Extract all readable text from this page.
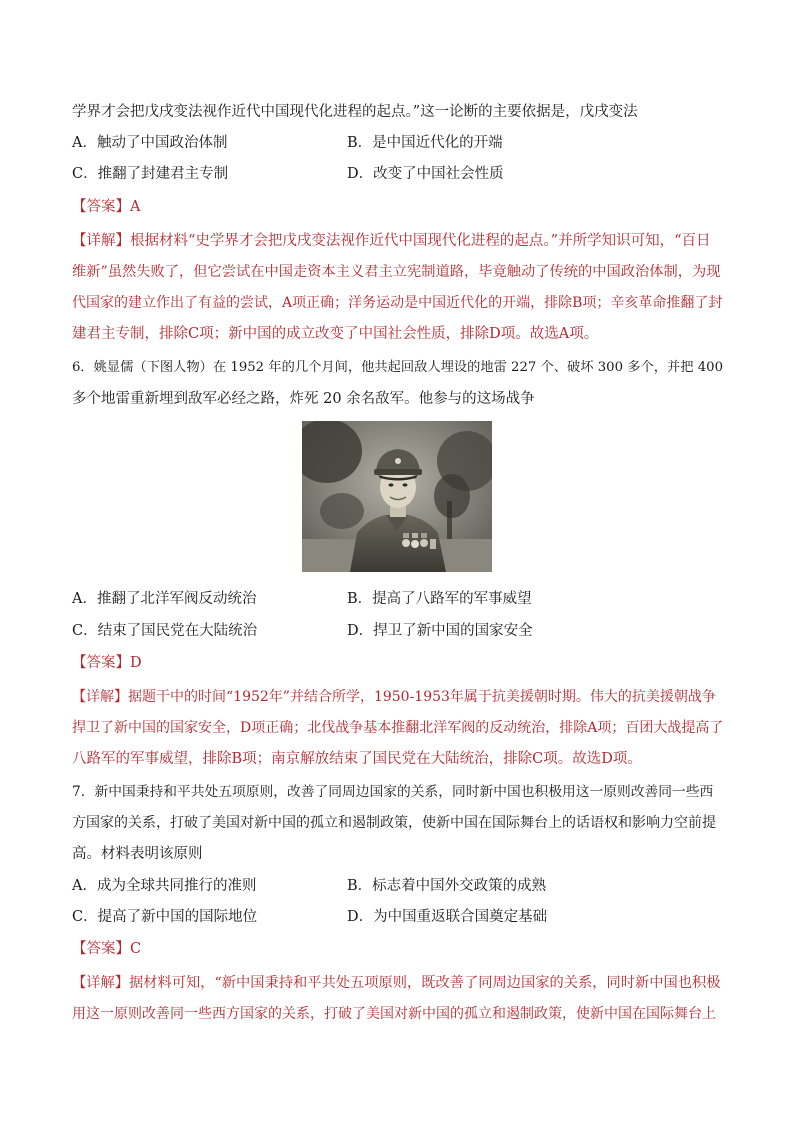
学界才会把戊戌变法视作近代中国现代化进程的起点。”这一论断的主要依据是，戊戌变法
A．触动了中国政治体制	B．是中国近代化的开端
C．推翻了封建君主专制	D．改变了中国社会性质
【答案】A
【详解】根据材料“史学界才会把戊戌变法视作近代中国现代化进程的起点。”并所学知识可知，“百日
维新”虽然失败了，但它尝试在中国走资本主义君主立宪制道路，毕竟触动了传统的中国政治体制，为现
代国家的建立作出了有益的尝试，A项正确；洋务运动是中国近代化的开端，排除B项；辛亥革命推翻了封
建君主专制，排除C项；新中国的成立改变了中国社会性质，排除D项。故选A项。
6．姚显儒（下图人物）在 1952 年的几个月间，他共起回敌人埋设的地雷 227 个、破坏 300 多个，并把 400
多个地雷重新埋到敌军必经之路，炸死 20 余名敌军。他参与的这场战争
A．推翻了北洋军阀反动统治	B．提高了八路军的军事威望
C．结束了国民党在大陆统治	D．捍卫了新中国的国家安全
【答案】D
【详解】据题干中的时间“1952年”并结合所学，1950-1953年属于抗美援朝时期。伟大的抗美援朝战争
捍卫了新中国的国家安全，D项正确；北伐战争基本推翻北洋军阀的反动统治，排除A项；百团大战提高了
八路军的军事威望，排除B项；南京解放结束了国民党在大陆统治，排除C项。故选D项。
7．新中国秉持和平共处五项原则，改善了同周边国家的关系，同时新中国也积极用这一原则改善同一些西
方国家的关系，打破了美国对新中国的孤立和遏制政策，使新中国在国际舞台上的话语权和影响力空前提
高。材料表明该原则
A．成为全球共同推行的准则	B．标志着中国外交政策的成熟
C．提高了新中国的国际地位	D．为中国重返联合国奠定基础
【答案】C
【详解】据材料可知，“新中国秉持和平共处五项原则，既改善了同周边国家的关系，同时新中国也积极
用这一原则改善同一些西方国家的关系，打破了美国对新中国的孤立和遏制政策，使新中国在国际舞台上
